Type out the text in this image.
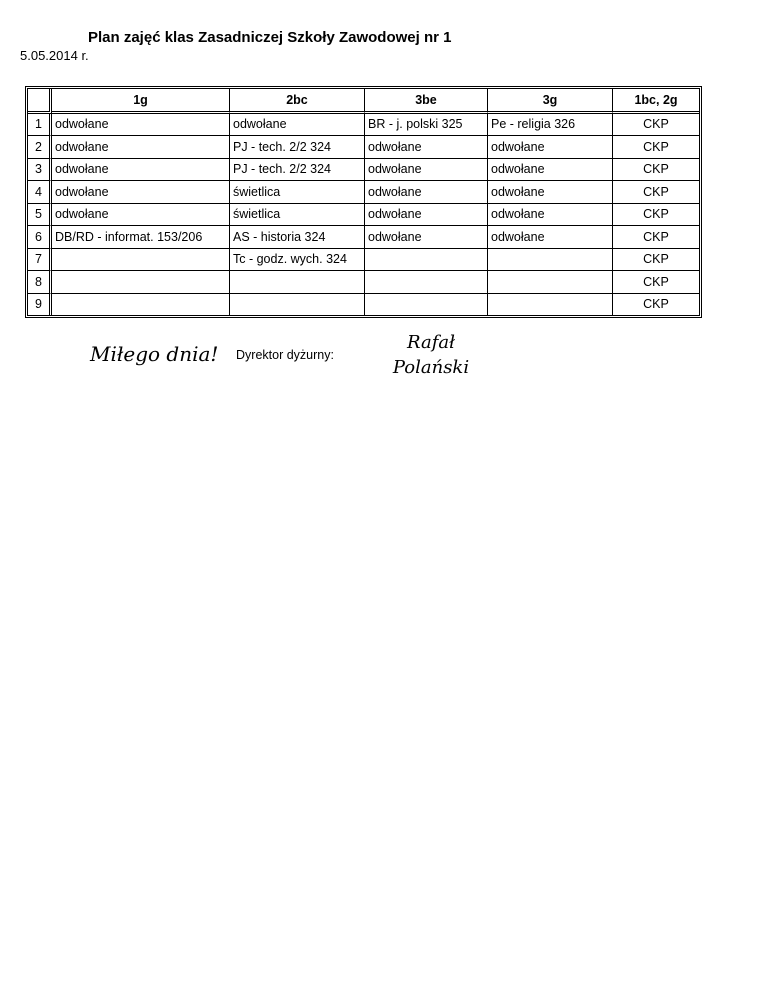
Plan zajęć klas Zasadniczej Szkoły Zawodowej nr 1
5.05.2014 r.
	1g	2bc	3be	3g	1bc, 2g
1	odwołane	odwołane	BR - j. polski 325	Pe - religia 326	CKP
2	odwołane	PJ - tech. 2/2 324	odwołane	odwołane	CKP
3	odwołane	PJ - tech. 2/2 324	odwołane	odwołane	CKP
4	odwołane	świetlica	odwołane	odwołane	CKP
5	odwołane	świetlica	odwołane	odwołane	CKP
6	DB/RD - informat. 153/206	AS - historia 324	odwołane	odwołane	CKP
7		Tc - godz. wych. 324			CKP
8					CKP
9					CKP
Miłego dnia! Dyrektor dyżurny:
Rafał
Polański
